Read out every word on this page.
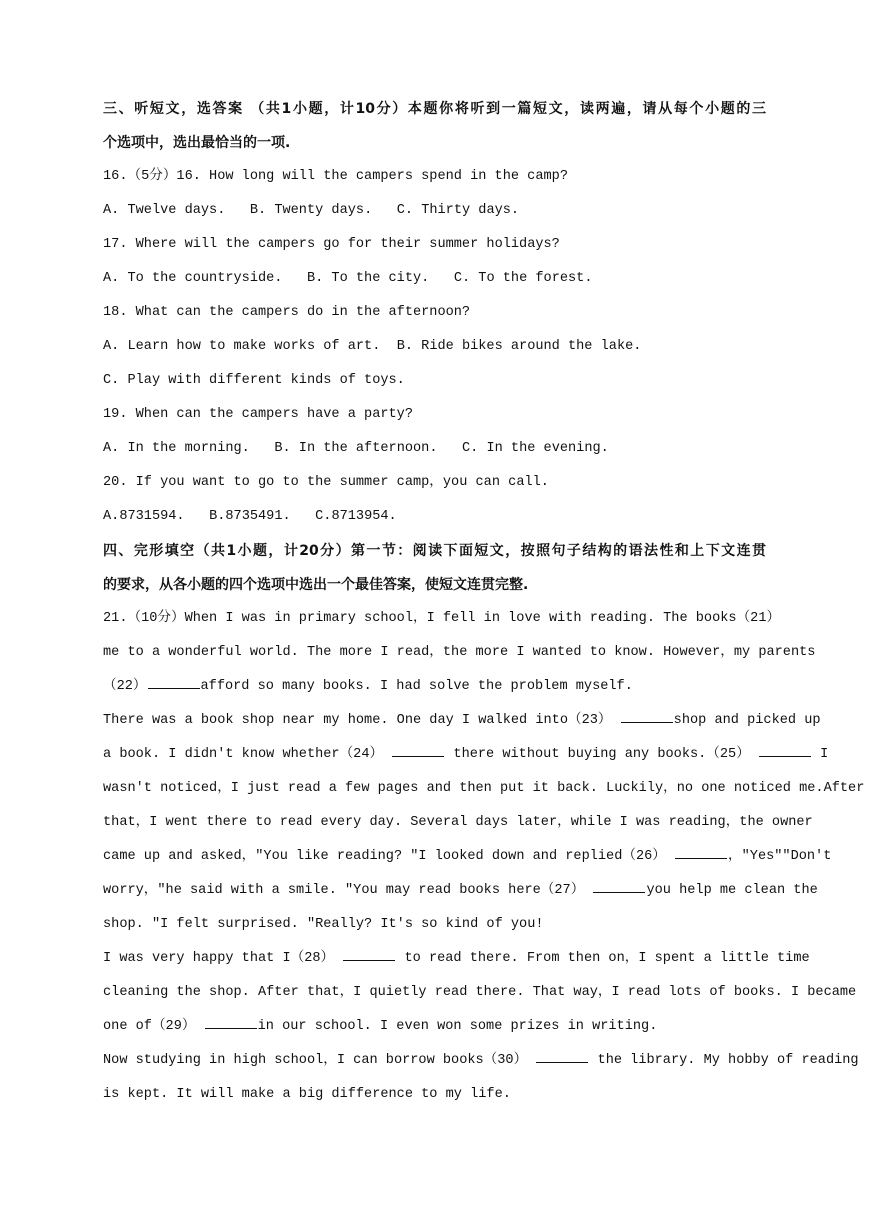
三、听短文，选答案 （共1小题，计10分）本题你将听到一篇短文，读两遍，请从每个小题的三
个选项中，选出最恰当的一项.
16.（5分）16. How long will the campers spend in the camp?
A. Twelve days. B. Twenty days. C. Thirty days.
17. Where will the campers go for their summer holidays?
A. To the countryside. B. To the city. C. To the forest.
18. What can the campers do in the afternoon?
A. Learn how to make works of art. B. Ride bikes around the lake.
C. Play with different kinds of toys.
19. When can the campers have a party?
A. In the morning. B. In the afternoon. C. In the evening.
20. If you want to go to the summer camp，you can call.
A.8731594. B.8735491. C.8713954.
四、完形填空（共1小题，计20分）第一节：阅读下面短文，按照句子结构的语法性和上下文连贯
的要求，从各小题的四个选项中选出一个最佳答案，使短文连贯完整.
21.（10分）When I was in primary school，I fell in love with reading. The books（21）
me to a wonderful world. The more I read，the more I wanted to know. However，my parents
（22）	afford so many books. I had solve the problem myself.
There was a book shop near my home. One day I walked into（23）	shop and picked up
a book. I didn't know whether（24）	there without buying any books.（25）	I
wasn't noticed，I just read a few pages and then put it back. Luckily，no one noticed me.After
that，I went there to read every day. Several days later，while I was reading，the owner
came up and asked，"You like reading? "I looked down and replied（26）	，"Yes""Don't
worry，"he said with a smile. "You may read books here（27）	you help me clean the
shop. "I felt surprised. "Really? It's so kind of you!
I was very happy that I（28）	to read there. From then on，I spent a little time
cleaning the shop. After that，I quietly read there. That way，I read lots of books. I became
one of（29）	in our school. I even won some prizes in writing.
Now studying in high school，I can borrow books（30）	the library. My hobby of reading
is kept. It will make a big difference to my life.
